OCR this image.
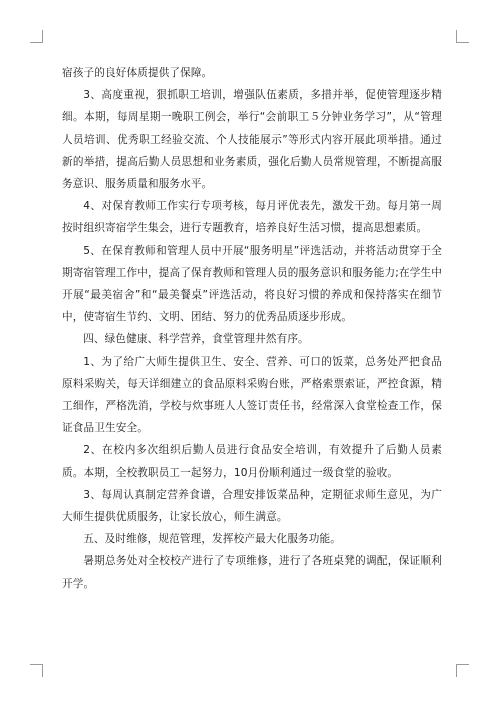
宿孩子的良好体质提供了保障。

3、高度重视，狠抓职工培训，增强队伍素质，多措并举，促使管理逐步精细。本期，每周星期一晚职工例会，举行“会前职工５分钟业务学习”，从“管理人员培训、优秀职工经验交流、个人技能展示”等形式内容开展此项举措。通过新的举措，提高后勤人员思想和业务素质，强化后勤人员常规管理，不断提高服务意识、服务质量和服务水平。

4、对保育教师工作实行专项考核，每月评优表先，激发干劲。每月第一周按时组织寄宿学生集会，进行专题教育，培养良好生活习惯，提高思想素质。

5、在保育教师和管理人员中开展“服务明星”评选活动，并将活动贯穿于全期寄宿管理工作中，提高了保育教师和管理人员的服务意识和服务能力;在学生中开展“最美宿舍”和“最美餐桌”评选活动，将良好习惯的养成和保持落实在细节中，使寄宿生节约、文明、团结、努力的优秀品质逐步形成。

四、绿色健康、科学营养，食堂管理井然有序。

1、为了给广大师生提供卫生、安全、营养、可口的饭菜，总务处严把食品原料采购关，每天详细建立的食品原料采购台账，严格索票索证，严控食源，精工细作，严格洗消，学校与炊事班人人签订责任书，经常深入食堂检查工作，保证食品卫生安全。

2、在校内多次组织后勤人员进行食品安全培训，有效提升了后勤人员素质。本期，全校教职员工一起努力，10月份顺利通过一级食堂的验收。

3、每周认真制定营养食谱，合理安排饭菜品种，定期征求师生意见，为广大师生提供优质服务，让家长放心，师生满意。

五、及时维修，规范管理，发挥校产最大化服务功能。

暑期总务处对全校校产进行了专项维修，进行了各班桌凳的调配，保证顺利开学。
